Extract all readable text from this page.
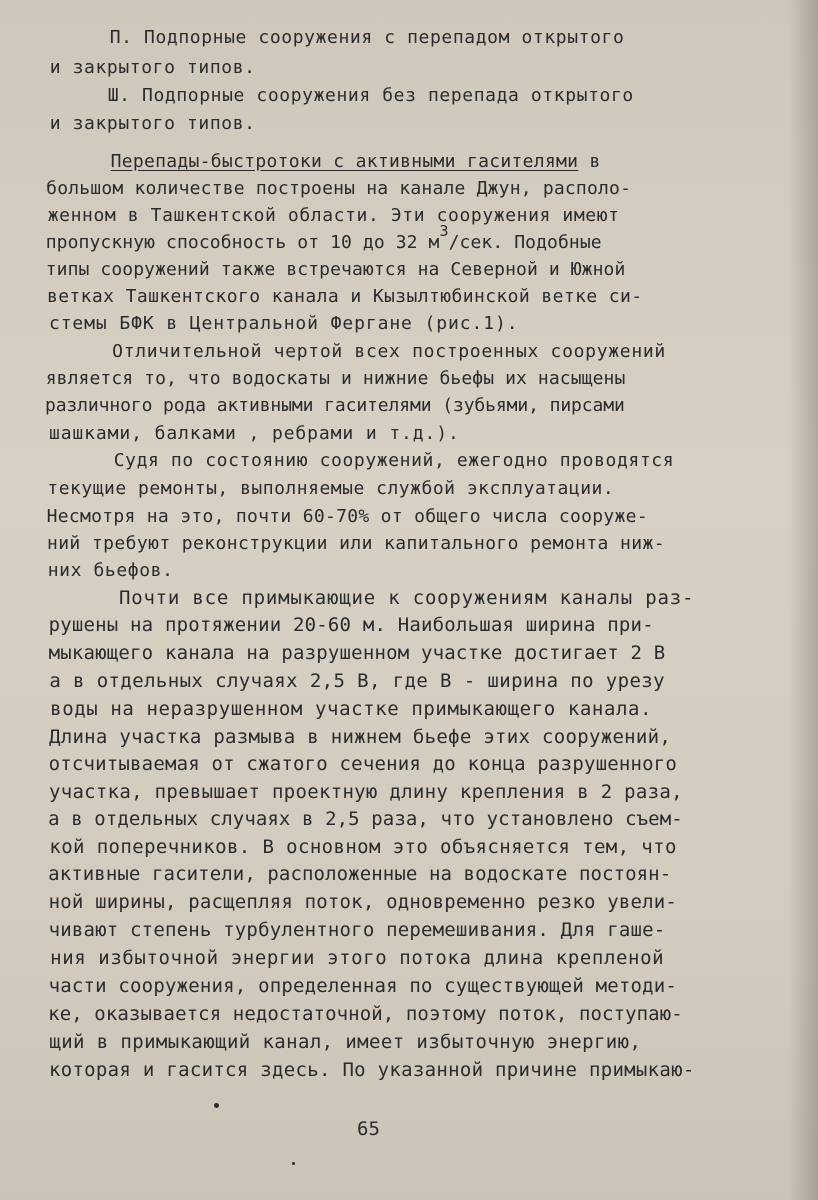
П. Подпорные сооружения с перепадом открытого

и закрытого типов.

Ш. Подпорные сооружения без перепада открытого

и закрытого типов.

Перепады-быстротоки с активными гасителями в

большом количестве построены на канале Джун, располо-

женном в Ташкентской области. Эти сооружения имеют

пропускную способность от 10 до 32 $м^3$/сек. Подобные

типы сооружений также встречаются на Северной и Южной

ветках Ташкентского канала и Кызылтюбинской ветке си-

стемы БФК в Центральной Фергане (рис.1).

Отличительной чертой всех построенных сооружений

является то, что водоскаты и нижние бьефы их насыщены

различного рода активными гасителями (зубьями, пирсами

шашками, балками , ребрами и т.д.).

Судя по состоянию сооружений, ежегодно проводятся

текущие ремонты, выполняемые службой эксплуатации.

Несмотря на это, почти 60-70% от общего числа сооруже-

ний требуют реконструкции или капитального ремонта ниж-

них бьефов.

Почти все примыкающие к сооружениям каналы раз-

рушены на протяжении 20-60 м. Наибольшая ширина при-

мыкающего канала на разрушенном участке достигает 2 В

а в отдельных случаях 2,5 В, где В - ширина по урезу

воды на неразрушенном участке примыкающего канала.

Длина участка размыва в нижнем бьефе этих сооружений,

отсчитываемая от сжатого сечения до конца разрушенного

участка, превышает проектную длину крепления в 2 раза,

а в отдельных случаях в 2,5 раза, что установлено съем-

кой поперечников. В основном это объясняется тем, что

активные гасители, расположенные на водоскате постоян-

ной ширины, расщепляя поток, одновременно резко увели-

чивают степень турбулентного перемешивания. Для гаше-

ния избыточной энергии этого потока длина крепленой

части сооружения, определенная по существующей методи-

ке, оказывается недостаточной, поэтому поток, поступаю-

щий в примыкающий канал, имеет избыточную энергию,

которая и гасится здесь. По указанной причине примыкаю-

65
